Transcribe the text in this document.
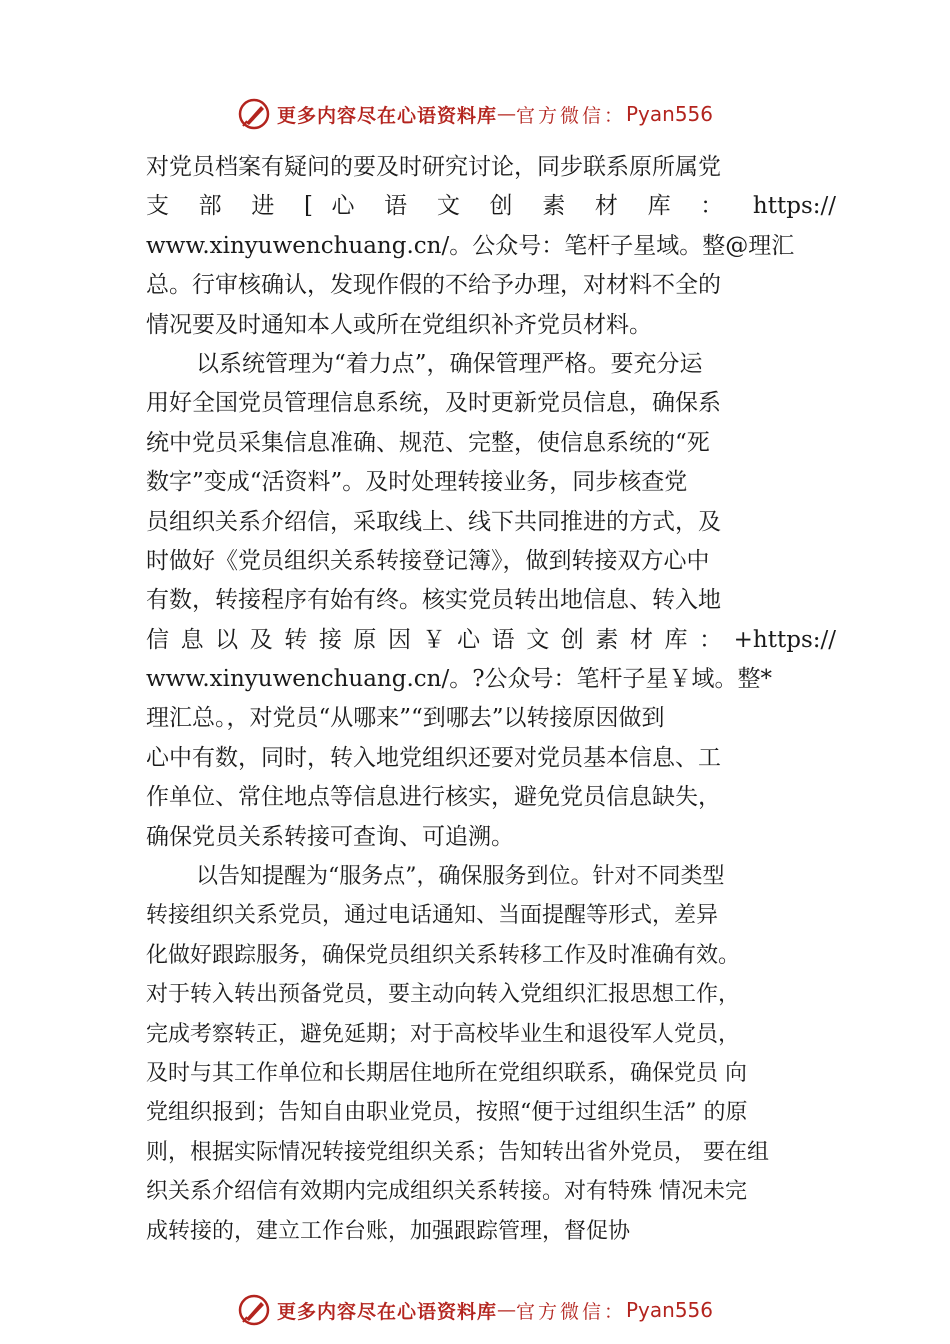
更多内容尽在心语资料库 — 官方微信： Pyan556
对党员档案有疑问的要及时研究讨论，同步联系原所属党
支 部 进 [ 心 语 文 创 素 材 库 ： https://
www.xinyuwenchuang.cn/。公众号：笔杆子星域。整@理汇
总。行审核确认，发现作假的不给予办理，对材料不全的
情况要及时通知本人或所在党组织补齐党员材料。
以系统管理为“着力点”，确保管理严格。要充分运
用好全国党员管理信息系统，及时更新党员信息，确保系
统中党员采集信息准确、规范、完整，使信息系统的“死
数字”变成“活资料”。及时处理转接业务，同步核查党
员组织关系介绍信，采取线上、线下共同推进的方式，及
时做好《党员组织关系转接登记簿》，做到转接双方心中
有数，转接程序有始有终。核实党员转出地信息、转入地
信 息 以 及 转 接 原 因 ￥ 心 语 文 创 素 材 库 ： +https://
www.xinyuwenchuang.cn/。?公众号：笔杆子星￥域。整*
理汇总。，对党员“从哪来”“到哪去”以转接原因做到
心中有数，同时，转入地党组织还要对党员基本信息、工
作单位、常住地点等信息进行核实，避免党员信息缺失，
确保党员关系转接可查询、可追溯。
以告知提醒为“服务点”，确保服务到位。针对不同类型
转接组织关系党员，通过电话通知、当面提醒等形式，差异
化做好跟踪服务，确保党员组织关系转移工作及时准确有效。
对于转入转出预备党员，要主动向转入党组织汇报思想工作，
完成考察转正，避免延期；对于高校毕业生和退役军人党员，
及时与其工作单位和长期居住地所在党组织联系，确保党员 向
党组织报到；告知自由职业党员，按照“便于过组织生活” 的原
则，根据实际情况转接党组织关系；告知转出省外党员， 要在组
织关系介绍信有效期内完成组织关系转接。对有特殊 情况未完
成转接的，建立工作台账，加强跟踪管理，督促协
更多内容尽在心语资料库 — 官方微信： Pyan556
